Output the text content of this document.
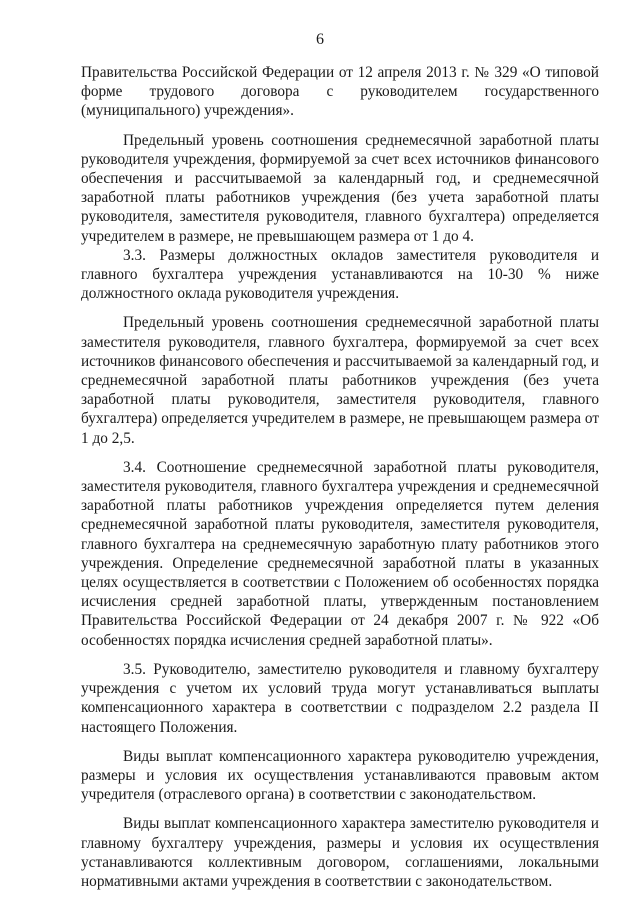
6

Правительства Российской Федерации от 12 апреля 2013 г. № 329 «О типовой форме трудового договора с руководителем государственного (муниципального) учреждения».

Предельный уровень соотношения среднемесячной заработной платы руководителя учреждения, формируемой за счет всех источников финансового обеспечения и рассчитываемой за календарный год, и среднемесячной заработной платы работников учреждения (без учета заработной платы руководителя, заместителя руководителя, главного бухгалтера) определяется учредителем в размере, не превышающем размера от 1 до 4.

3.3. Размеры должностных окладов заместителя руководителя и главного бухгалтера учреждения устанавливаются на 10-30 % ниже должностного оклада руководителя учреждения.

Предельный уровень соотношения среднемесячной заработной платы заместителя руководителя, главного бухгалтера, формируемой за счет всех источников финансового обеспечения и рассчитываемой за календарный год, и среднемесячной заработной платы работников учреждения (без учета заработной платы руководителя, заместителя руководителя, главного бухгалтера) определяется учредителем в размере, не превышающем размера от 1 до 2,5.

3.4. Соотношение среднемесячной заработной платы руководителя, заместителя руководителя, главного бухгалтера учреждения и среднемесячной заработной платы работников учреждения определяется путем деления среднемесячной заработной платы руководителя, заместителя руководителя, главного бухгалтера на среднемесячную заработную плату работников этого учреждения. Определение среднемесячной заработной платы в указанных целях осуществляется в соответствии с Положением об особенностях порядка исчисления средней заработной платы, утвержденным постановлением Правительства Российской Федерации от 24 декабря 2007 г. № 922 «Об особенностях порядка исчисления средней заработной платы».

3.5. Руководителю, заместителю руководителя и главному бухгалтеру учреждения с учетом их условий труда могут устанавливаться выплаты компенсационного характера в соответствии с подразделом 2.2 раздела II настоящего Положения.

Виды выплат компенсационного характера руководителю учреждения, размеры и условия их осуществления устанавливаются правовым актом учредителя (отраслевого органа) в соответствии с законодательством.

Виды выплат компенсационного характера заместителю руководителя и главному бухгалтеру учреждения, размеры и условия их осуществления устанавливаются коллективным договором, соглашениями, локальными нормативными актами учреждения в соответствии с законодательством.
